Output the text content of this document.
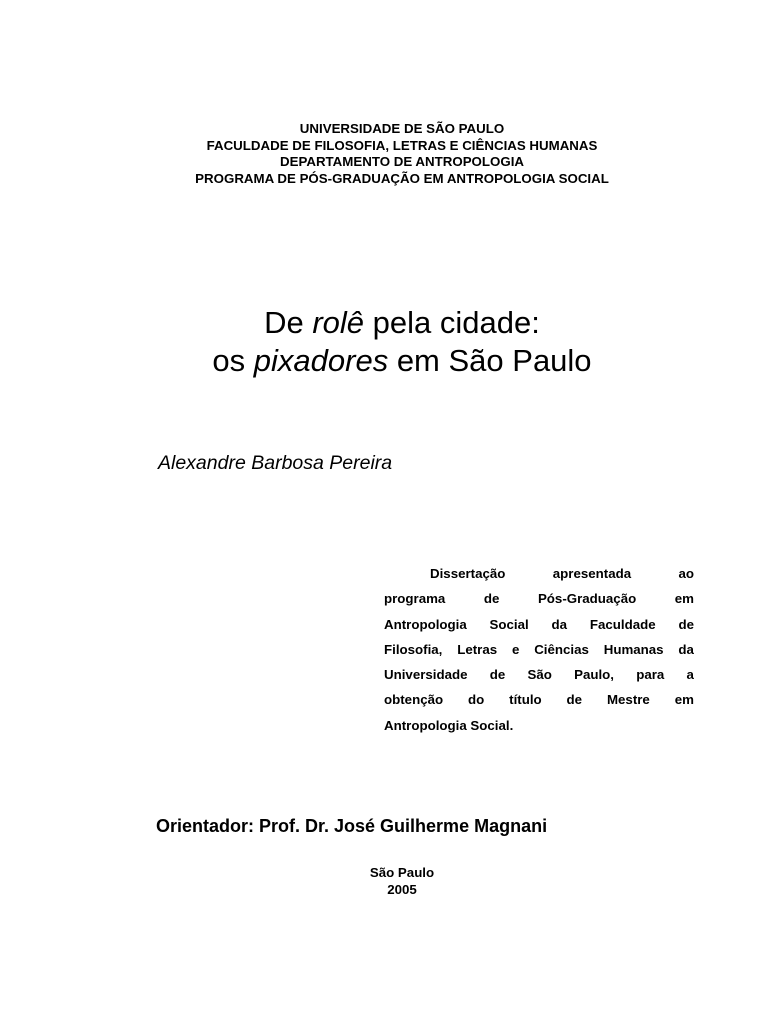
UNIVERSIDADE DE SÃO PAULO
FACULDADE DE FILOSOFIA, LETRAS E CIÊNCIAS HUMANAS
DEPARTAMENTO DE ANTROPOLOGIA
PROGRAMA DE PÓS-GRADUAÇÃO EM ANTROPOLOGIA SOCIAL
De rolê pela cidade:
os pixadores em São Paulo
Alexandre Barbosa Pereira
Dissertação	apresentada	ao
programa	de	Pós-Graduação	em
Antropologia Social da Faculdade de
Filosofia, Letras e Ciências Humanas da
Universidade de São Paulo, para a
obtenção do título de Mestre em
Antropologia Social.
Orientador: Prof. Dr. José Guilherme Magnani
São Paulo
2005
